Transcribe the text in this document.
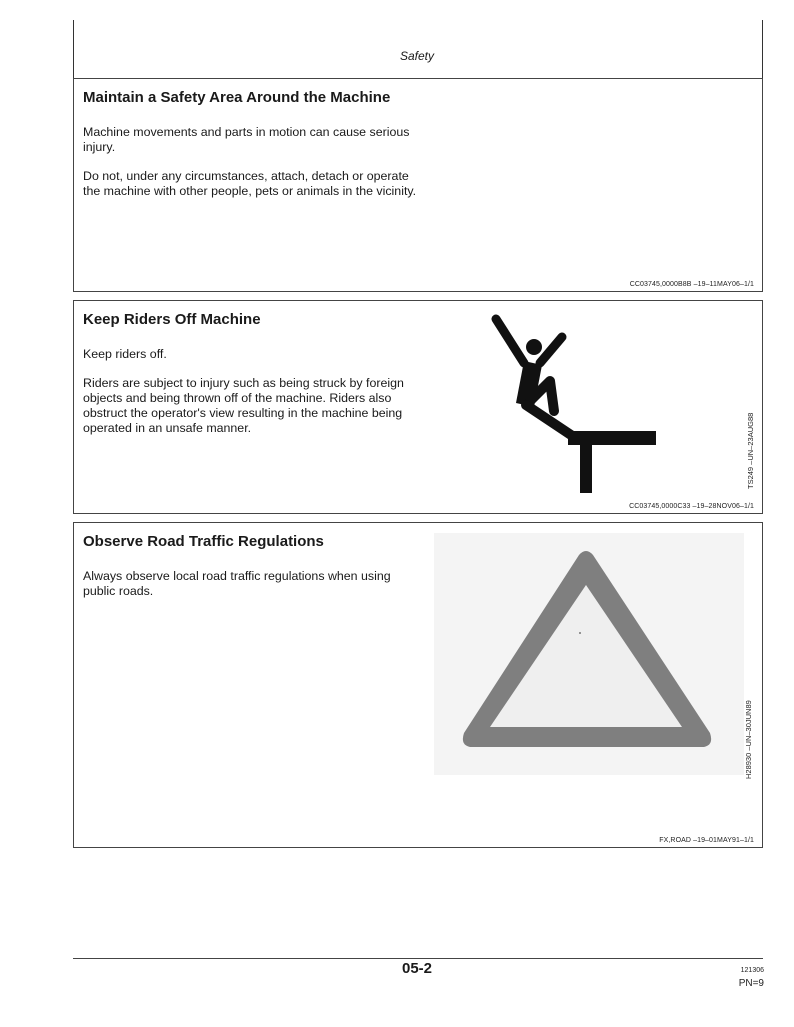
Safety
Maintain a Safety Area Around the Machine

Machine movements and parts in motion can cause serious injury.

Do not, under any circumstances, attach, detach or operate the machine with other people, pets or animals in the vicinity.

CC03745,0000B8B –19–11MAY06–1/1
Keep Riders Off Machine

Keep riders off.

Riders are subject to injury such as being struck by foreign objects and being thrown off of the machine. Riders also obstruct the operator's view resulting in the machine being operated in an unsafe manner.	TS249 –UN–23AUG88
CC03745,0000C33 –19–28NOV06–1/1
Observe Road Traffic Regulations

Always observe local road traffic regulations when using public roads.

H28930 –UN–30JUN89
FX,ROAD –19–01MAY91–1/1
05-2	121306
PN=9
